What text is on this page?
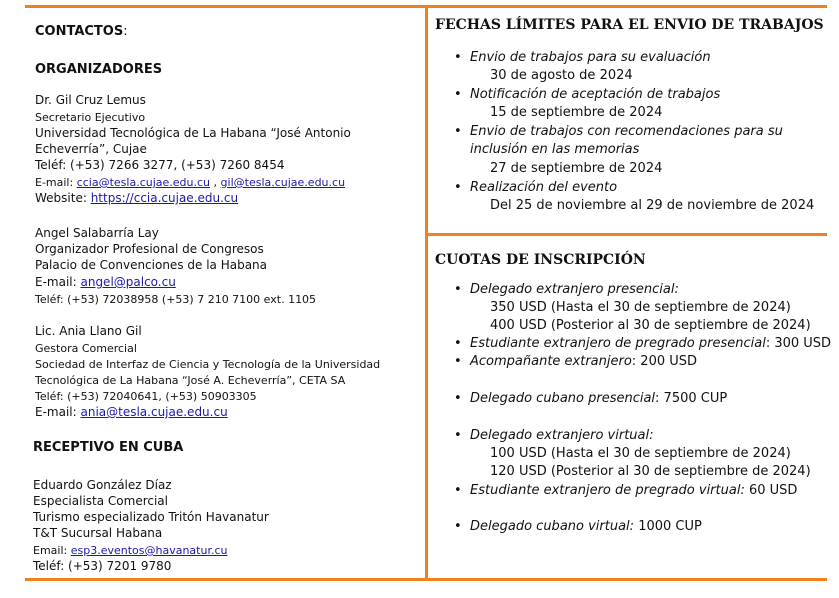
CONTACTOS:
ORGANIZADORES
Dr. Gil Cruz Lemus
Secretario Ejecutivo
Universidad Tecnológica de La Habana “José Antonio
Echeverría”, Cujae
Teléf: (+53) 7266 3277, (+53) 7260 8454
E-mail: ccia@tesla.cujae.edu.cu , gil@tesla.cujae.edu.cu
Website: https://ccia.cujae.edu.cu
Angel Salabarría Lay
Organizador Profesional de Congresos
Palacio de Convenciones de la Habana
E-mail: angel@palco.cu
Teléf: (+53) 72038958 (+53) 7 210 7100 ext. 1105
Lic. Ania Llano Gil
Gestora Comercial
Sociedad de Interfaz de Ciencia y Tecnología de la Universidad
Tecnológica de La Habana “José A. Echeverría”, CETA SA
Teléf: (+53) 72040641, (+53) 50903305
E-mail: ania@tesla.cujae.edu.cu
RECEPTIVO EN CUBA
Eduardo González Díaz
Especialista Comercial
Turismo especializado Tritón Havanatur
T&T Sucursal Habana
Email: esp3.eventos@havanatur.cu
Teléf: (+53) 7201 9780
FECHAS LÍMITES PARA EL ENVIO DE TRABAJOS
• Envio de trabajos para su evaluación
30 de agosto de 2024
• Notificación de aceptación de trabajos
15 de septiembre de 2024
• Envio de trabajos con recomendaciones para su
inclusión en las memorias
27 de septiembre de 2024
• Realización del evento
Del 25 de noviembre al 29 de noviembre de 2024
CUOTAS DE INSCRIPCIÓN
• Delegado extranjero presencial:
350 USD (Hasta el 30 de septiembre de 2024)
400 USD (Posterior al 30 de septiembre de 2024)
• Estudiante extranjero de pregrado presencial: 300 USD
• Acompañante extranjero: 200 USD
• Delegado cubano presencial: 7500 CUP
• Delegado extranjero virtual:
100 USD (Hasta el 30 de septiembre de 2024)
120 USD (Posterior al 30 de septiembre de 2024)
• Estudiante extranjero de pregrado virtual: 60 USD
• Delegado cubano virtual: 1000 CUP
